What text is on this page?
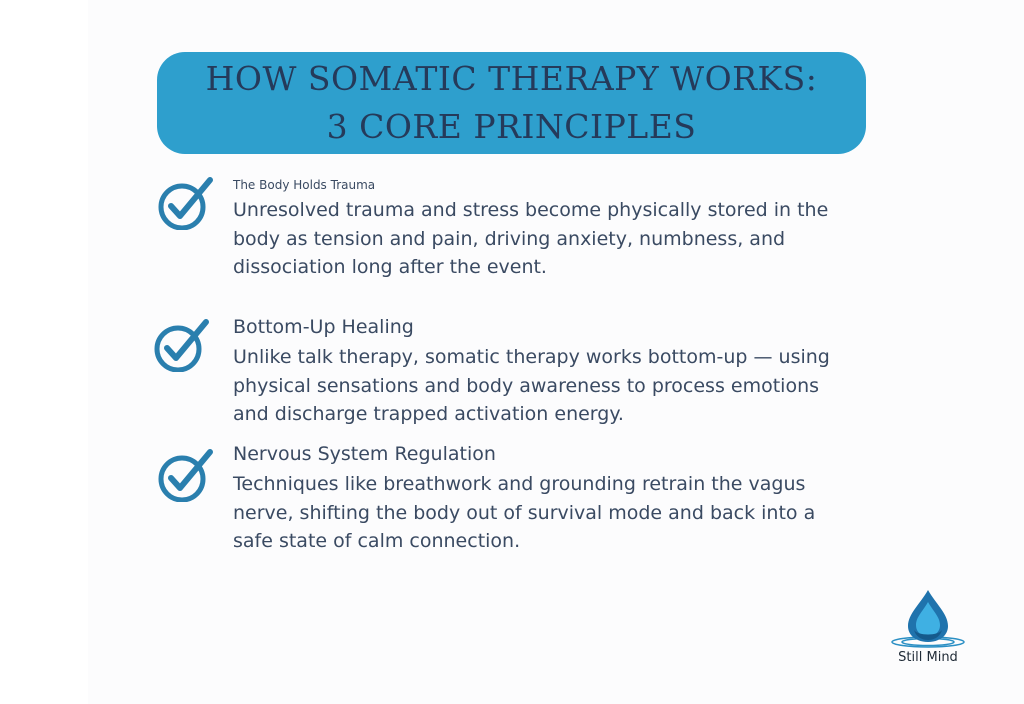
HOW SOMATIC THERAPY WORKS: 3 CORE PRINCIPLES
The Body Holds Trauma
Unresolved trauma and stress become physically stored in the body as tension and pain, driving anxiety, numbness, and dissociation long after the event.
Bottom-Up Healing
Unlike talk therapy, somatic therapy works bottom-up — using physical sensations and body awareness to process emotions and discharge trapped activation energy.
Nervous System Regulation
Techniques like breathwork and grounding retrain the vagus nerve, shifting the body out of survival mode and back into a safe state of calm connection.
Still Mind
